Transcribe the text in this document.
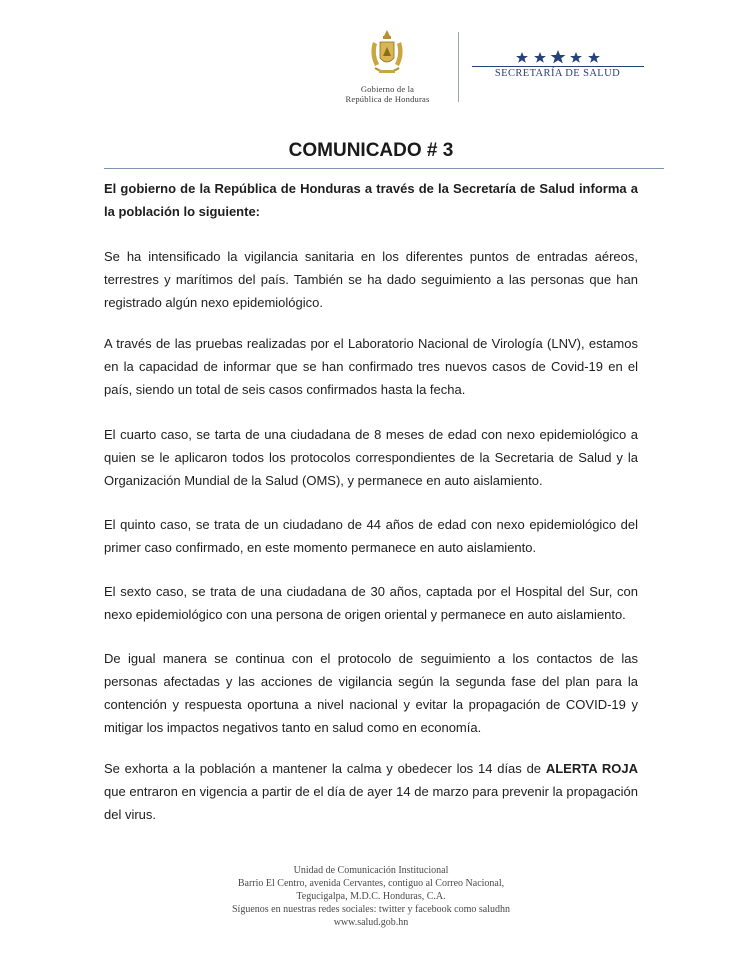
Gobierno de la
República de Honduras
SECRETARÍA DE SALUD
COMUNICADO # 3

El gobierno de la República de Honduras a través de la Secretaría de Salud informa a la población lo siguiente:

Se ha intensificado la vigilancia sanitaria en los diferentes puntos de entradas aéreos, terrestres y marítimos del país. También se ha dado seguimiento a las personas que han registrado algún nexo epidemiológico.

A través de las pruebas realizadas por el Laboratorio Nacional de Virología (LNV), estamos en la capacidad de informar que se han confirmado tres nuevos casos de Covid-19 en el país, siendo un total de seis casos confirmados hasta la fecha.

El cuarto caso, se tarta de una ciudadana de 8 meses de edad con nexo epidemiológico a quien se le aplicaron todos los protocolos correspondientes de la Secretaria de Salud y la Organización Mundial de la Salud (OMS), y permanece en auto aislamiento.

El quinto caso, se trata de un ciudadano de 44 años de edad con nexo epidemiológico del primer caso confirmado, en este momento permanece en auto aislamiento.

El sexto caso, se trata de una ciudadana de 30 años, captada por el Hospital del Sur, con nexo epidemiológico con una persona de origen oriental y permanece en auto aislamiento.

De igual manera se continua con el protocolo de seguimiento a los contactos de las personas afectadas y las acciones de vigilancia según la segunda fase del plan para la contención y respuesta oportuna a nivel nacional y evitar la propagación de COVID-19 y mitigar los impactos negativos tanto en salud como en economía.

Se exhorta a la población a mantener la calma y obedecer los 14 días de ALERTA ROJA que entraron en vigencia a partir de el día de ayer 14 de marzo para prevenir la propagación del virus.

Unidad de Comunicación Institucional
Barrio El Centro, avenida Cervantes, contiguo al Correo Nacional,
Tegucigalpa, M.D.C. Honduras, C.A.
Síguenos en nuestras redes sociales: twitter y facebook como saludhn
www.salud.gob.hn
